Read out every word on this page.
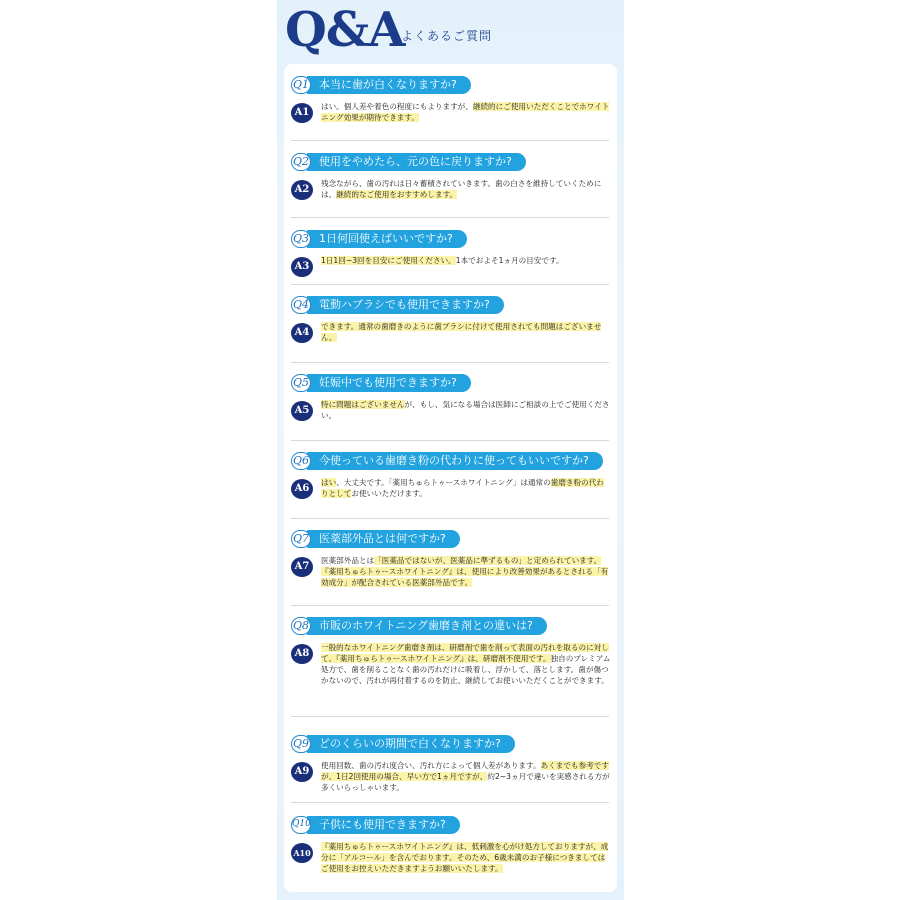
Q&A
よくあるご質問
Q1 本当に歯が白くなりますか?
A1
はい。個人差や着色の程度にもよりますが、継続的にご使用いただくことでホワイトニング効果が期待できます。
Q2 使用をやめたら、元の色に戻りますか?
A2
残念ながら、歯の汚れは日々蓄積されていきます。歯の白さを維持していくためには、継続的なご使用をおすすめします。
Q3 1日何回使えばいいですか?
A3
1日1回~3回を目安にご使用ください。1本でおよそ1ヵ月の目安です。
Q4 電動ハブラシでも使用できますか?
A4
できます。通常の歯磨きのように歯ブラシに付けて使用されても問題はございません。
Q5 妊娠中でも使用できますか?
A5
特に問題はございませんが、もし、気になる場合は医師にご相談の上でご使用ください。
Q6 今使っている歯磨き粉の代わりに使ってもいいですか?
A6
はい、大丈夫です。「薬用ちゅらトゥースホワイトニング」は通常の歯磨き粉の代わりとしてお使いいただけます。
Q7 医薬部外品とは何ですか?
A7
医薬部外品とは「医薬品ではないが、医薬品に準ずるもの」と定められています。『薬用ちゅらトゥースホワイトニング』は、使用により改善効果があるとされる「有効成分」が配合されている医薬部外品です。
Q8 市販のホワイトニング歯磨き剤との違いは?
A8
一般的なホワイトニング歯磨き剤は、研磨剤で歯を削って表面の汚れを取るのに対して、『薬用ちゅらトゥースホワイトニング』は、研磨剤不使用です。独自のプレミアム処方で、歯を削ることなく歯の汚れだけに吸着し、浮かして、落とします。歯が傷つかないので、汚れが再付着するのを防止、継続してお使いいただくことができます。
Q9 どのくらいの期間で白くなりますか?
A9
使用回数、歯の汚れ度合い、汚れ方によって個人差があります。あくまでも参考ですが、1日2回使用の場合、早い方で1ヵ月ですが、約2~3ヵ月で違いを実感される方が多くいらっしゃいます。
Q10 子供にも使用できますか?
A10
『薬用ちゅらトゥースホワイトニング』は、低刺激を心がけ処方しておりますが、成分に「アルコール」を含んでおります。そのため、6歳未満のお子様につきましてはご使用をお控えいただきますようお願いいたします。
